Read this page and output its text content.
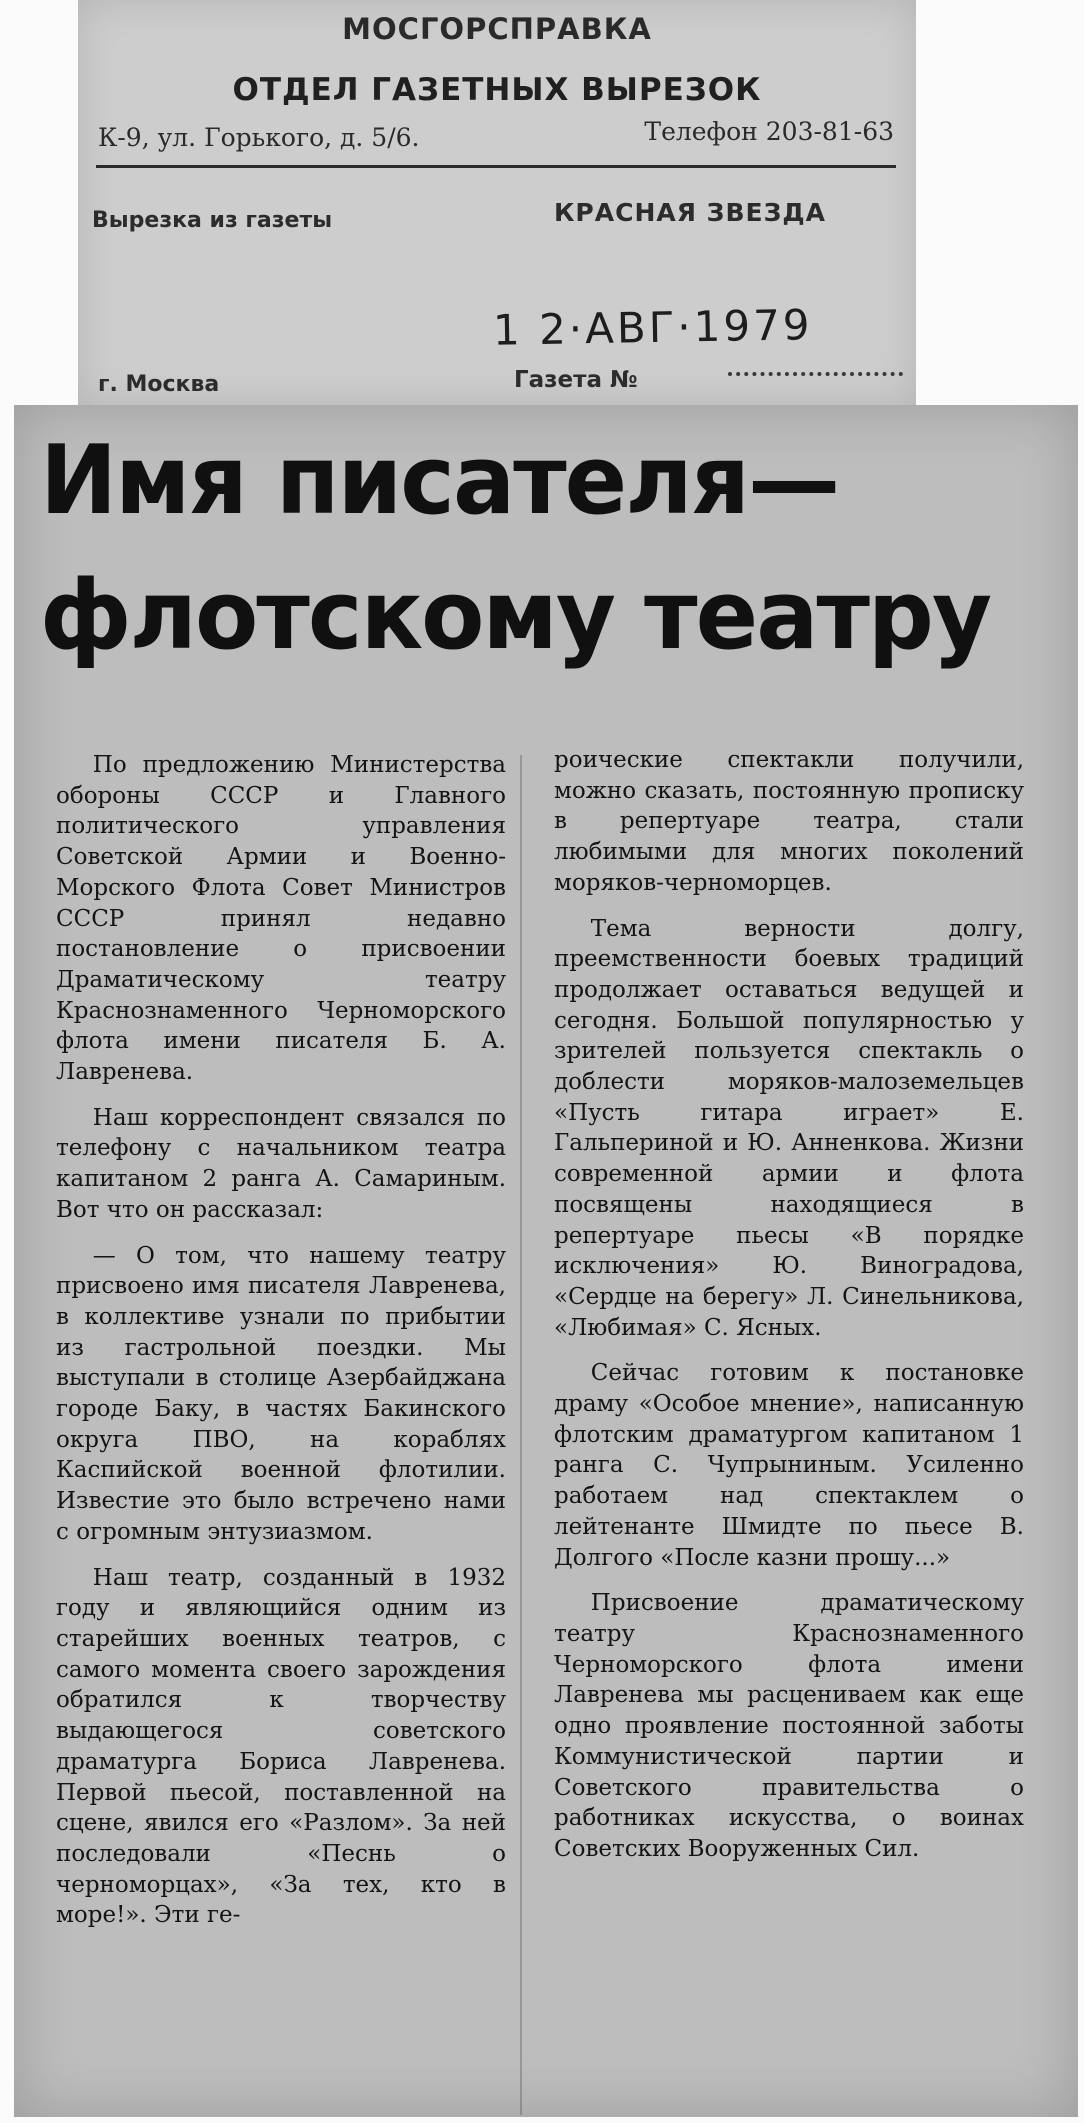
МОСГОРСПРАВКА
ОТДЕЛ ГАЗЕТНЫХ ВЫРЕЗОК
К-9, ул. Горького, д. 5/6.	Телефон 203-81-63
Вырезка из газеты	КРАСНАЯ ЗВЕЗДА
1 2·АВГ·1979
г. Москва	Газета №
Имя писателя—
флотскому театру

По предложению Министерства обороны СССР и Главного политического управления Советской Армии и Военно-Морского Флота Совет Министров СССР принял недавно постановление о присвоении Драматическому театру Краснознаменного Черноморского флота имени писателя Б. А. Лавренева.

Наш корреспондент связался по телефону с начальником театра капитаном 2 ранга А. Самариным. Вот что он рассказал:

— О том, что нашему театру присвоено имя писателя Лавренева, в коллективе узнали по прибытии из гастрольной поездки. Мы выступали в столице Азербайджана городе Баку, в частях Бакинского округа ПВО, на кораблях Каспийской военной флотилии. Известие это было встречено нами с огромным энтузиазмом.

Наш театр, созданный в 1932 году и являющийся одним из старейших военных театров, с самого момента своего зарождения обратился к творчеству выдающегося советского драматурга Бориса Лавренева. Первой пьесой, поставленной на сцене, явился его «Разлом». За ней последовали «Песнь о черноморцах», «За тех, кто в море!». Эти ге-

роические спектакли получили, можно сказать, постоянную прописку в репертуаре театра, стали любимыми для многих поколений моряков-черноморцев.

Тема верности долгу, преемственности боевых традиций продолжает оставаться ведущей и сегодня. Большой популярностью у зрителей пользуется спектакль о доблести моряков-малоземельцев «Пусть гитара играет» Е. Гальпериной и Ю. Анненкова. Жизни современной армии и флота посвящены находящиеся в репертуаре пьесы «В порядке исключения» Ю. Виноградова, «Сердце на берегу» Л. Синельникова, «Любимая» С. Ясных.

Сейчас готовим к постановке драму «Особое мнение», написанную флотским драматургом капитаном 1 ранга С. Чупрыниным. Усиленно работаем над спектаклем о лейтенанте Шмидте по пьесе В. Долгого «После казни прошу...»

Присвоение драматическому театру Краснознаменного Черноморского флота имени Лавренева мы расцениваем как еще одно проявление постоянной заботы Коммунистической партии и Советского правительства о работниках искусства, о воинах Советских Вооруженных Сил.
